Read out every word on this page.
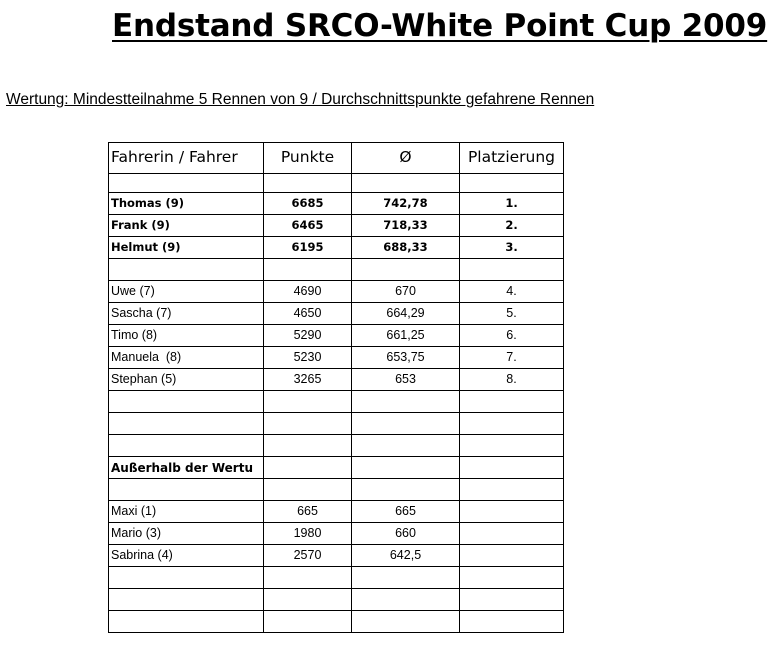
Endstand SRCO-White Point Cup 2009
Wertung: Mindestteilnahme 5 Rennen von 9 / Durchschnittspunkte gefahrene Rennen
Fahrerin / Fahrer	Punkte	Ø	Platzierung

Thomas (9)	6685	742,78	1.
Frank (9)	6465	718,33	2.
Helmut (9)	6195	688,33	3.

Uwe (7)	4690	670	4.
Sascha (7)	4650	664,29	5.
Timo (8)	5290	661,25	6.
Manuela  (8)	5230	653,75	7.
Stephan (5)	3265	653	8.

Außerhalb der Wertu			

Maxi (1)	665	665	
Mario (3)	1980	660	
Sabrina (4)	2570	642,5	
